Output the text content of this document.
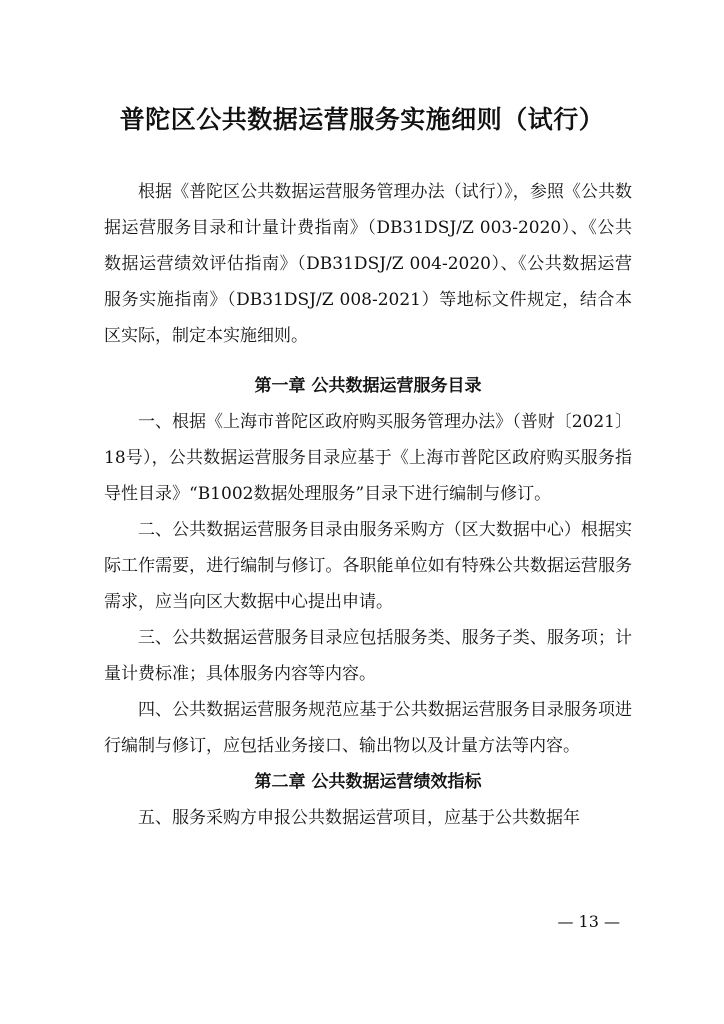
普陀区公共数据运营服务实施细则（试行）

根据《普陀区公共数据运营服务管理办法（试行）》，参照《公共数据运营服务目录和计量计费指南》（DB31DSJ/Z 003-2020）、《公共数据运营绩效评估指南》（DB31DSJ/Z 004-2020）、《公共数据运营服务实施指南》（DB31DSJ/Z 008-2021）等地标文件规定，结合本区实际，制定本实施细则。

第一章 公共数据运营服务目录

一、根据《上海市普陀区政府购买服务管理办法》（普财〔2021〕18号），公共数据运营服务目录应基于《上海市普陀区政府购买服务指导性目录》“B1002数据处理服务”目录下进行编制与修订。

二、公共数据运营服务目录由服务采购方（区大数据中心）根据实际工作需要，进行编制与修订。各职能单位如有特殊公共数据运营服务需求，应当向区大数据中心提出申请。

三、公共数据运营服务目录应包括服务类、服务子类、服务项；计量计费标准；具体服务内容等内容。

四、公共数据运营服务规范应基于公共数据运营服务目录服务项进行编制与修订，应包括业务接口、输出物以及计量方法等内容。

第二章 公共数据运营绩效指标

五、服务采购方申报公共数据运营项目，应基于公共数据年

— 13 —
